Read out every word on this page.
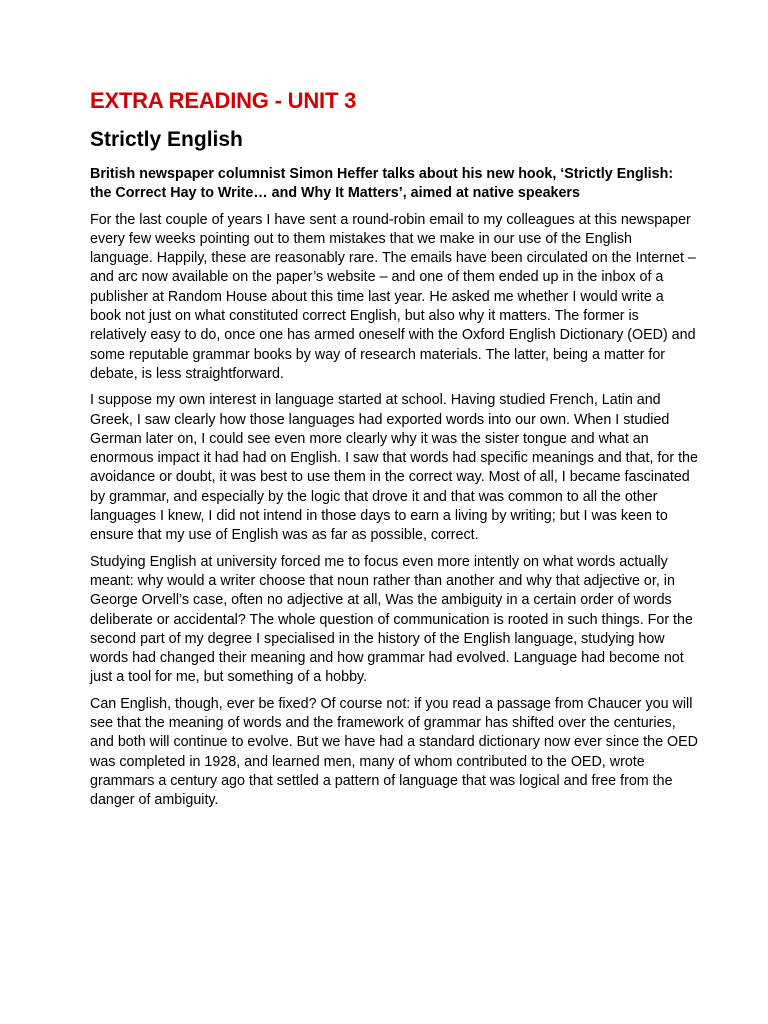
EXTRA READING - UNIT 3
Strictly English

British newspaper columnist Simon Heffer talks about his new hook, ‘Strictly English: the Correct Hay to Write… and Why It Matters’, aimed at native speakers

For the last couple of years I have sent a round-robin email to my colleagues at this newspaper every few weeks pointing out to them mistakes that we make in our use of the English language. Happily, these are reasonably rare. The emails have been circulated on the Internet – and arc now available on the paper’s website – and one of them ended up in the inbox of a publisher at Random House about this time last year. He asked me whether I would write a book not just on what constituted correct English, but also why it matters. The former is relatively easy to do, once one has armed oneself with the Oxford English Dictionary (OED) and some reputable grammar books by way of research materials. The latter, being a matter for debate, is less straightforward.

I suppose my own interest in language started at school. Having studied French, Latin and Greek, I saw clearly how those languages had exported words into our own. When I studied German later on, I could see even more clearly why it was the sister tongue and what an enormous impact it had had on English. I saw that words had specific meanings and that, for the avoidance or doubt, it was best to use them in the correct way. Most of all, I became fascinated by grammar, and especially by the logic that drove it and that was common to all the other languages I knew, I did not intend in those days to earn a living by writing; but I was keen to ensure that my use of English was as far as possible, correct.

Studying English at university forced me to focus even more intently on what words actually meant: why would a writer choose that noun rather than another and why that adjective or, in George Orvell’s case, often no adjective at all, Was the ambiguity in a certain order of words deliberate or accidental? The whole question of communication is rooted in such things. For the second part of my degree I specialised in the history of the English language, studying how words had changed their meaning and how grammar had evolved. Language had become not just a tool for me, but something of a hobby.

Can English, though, ever be fixed? Of course not: if you read a passage from Chaucer you will see that the meaning of words and the framework of grammar has shifted over the centuries, and both will continue to evolve. But we have had a standard dictionary now ever since the OED was completed in 1928, and learned men, many of whom contributed to the OED, wrote grammars a century ago that settled a pattern of language that was logical and free from the danger of ambiguity.
